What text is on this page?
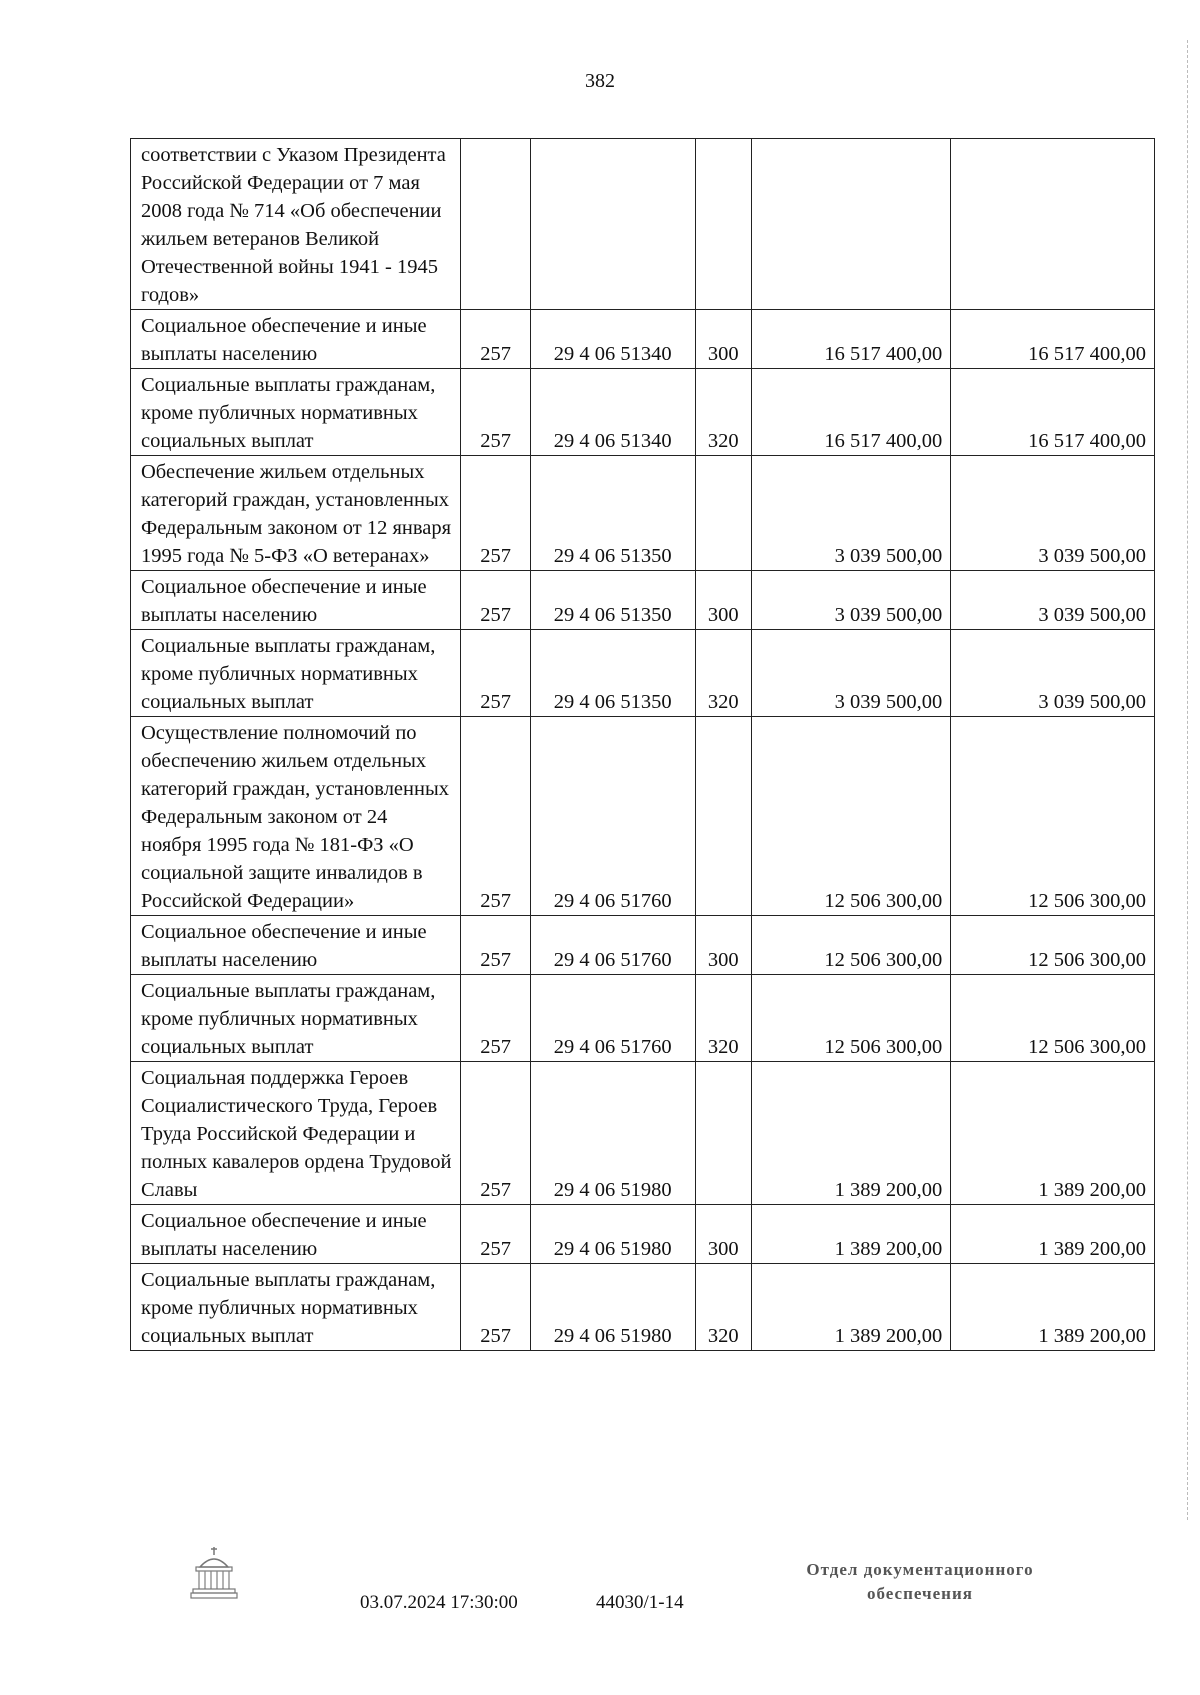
382
соответствии с Указом Президента Российской Федерации от 7 мая 2008 года № 714 «Об обеспечении жильем ветеранов Великой Отечественной войны 1941 - 1945 годов»					
Социальное обеспечение и иные выплаты населению	257	29 4 06 51340	300	16 517 400,00	16 517 400,00
Социальные выплаты гражданам, кроме публичных нормативных социальных выплат	257	29 4 06 51340	320	16 517 400,00	16 517 400,00
Обеспечение жильем отдельных категорий граждан, установленных Федеральным законом от 12 января 1995 года № 5-ФЗ «О ветеранах»	257	29 4 06 51350		3 039 500,00	3 039 500,00
Социальное обеспечение и иные выплаты населению	257	29 4 06 51350	300	3 039 500,00	3 039 500,00
Социальные выплаты гражданам, кроме публичных нормативных социальных выплат	257	29 4 06 51350	320	3 039 500,00	3 039 500,00
Осуществление полномочий по обеспечению жильем отдельных категорий граждан, установленных Федеральным законом от 24 ноября 1995 года № 181-ФЗ «О социальной защите инвалидов в Российской Федерации»	257	29 4 06 51760		12 506 300,00	12 506 300,00
Социальное обеспечение и иные выплаты населению	257	29 4 06 51760	300	12 506 300,00	12 506 300,00
Социальные выплаты гражданам, кроме публичных нормативных социальных выплат	257	29 4 06 51760	320	12 506 300,00	12 506 300,00
Социальная поддержка Героев Социалистического Труда, Героев Труда Российской Федерации и полных кавалеров ордена Трудовой Славы	257	29 4 06 51980		1 389 200,00	1 389 200,00
Социальное обеспечение и иные выплаты населению	257	29 4 06 51980	300	1 389 200,00	1 389 200,00
Социальные выплаты гражданам, кроме публичных нормативных социальных выплат	257	29 4 06 51980	320	1 389 200,00	1 389 200,00
03.07.2024 17:30:00	44030/1-14
Отдел документационного
обеспечения
